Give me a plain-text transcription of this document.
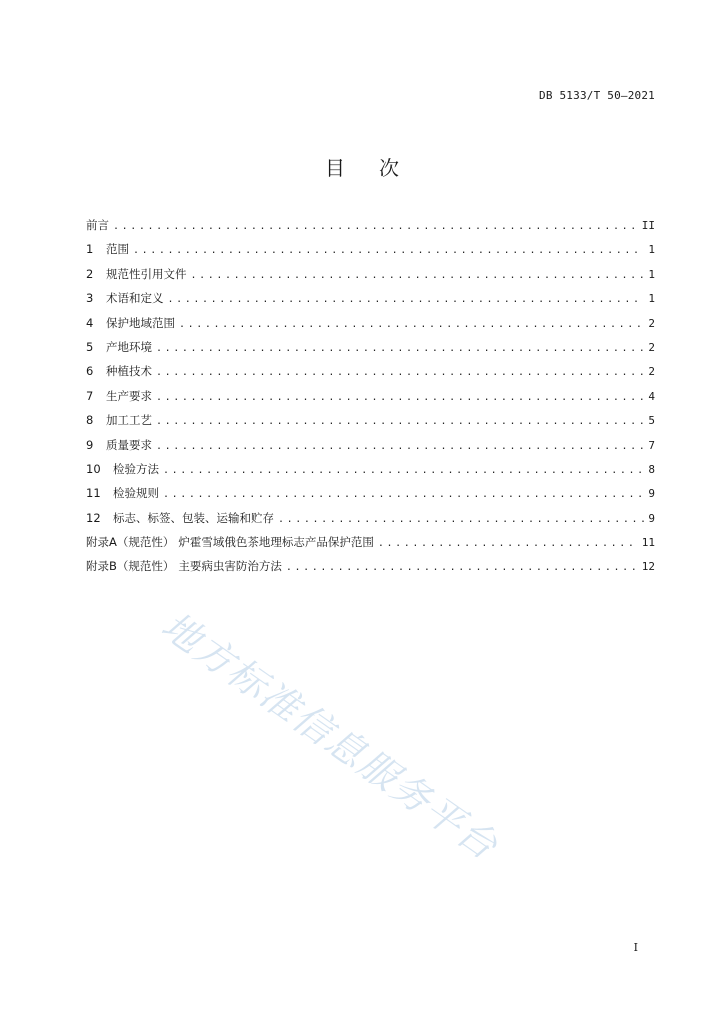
DB 5133/T 50—2021
目次
前言 .....	II
1	范围 .....	1
2	规范性引用文件 .....	1
3	术语和定义 .....	1
4	保护地域范围 .....	2
5	产地环境 .....	2
6	种植技术 .....	2
7	生产要求 .....	4
8	加工工艺 .....	5
9	质量要求 .....	7
10	检验方法 .....	8
11	检验规则 .....	9
12	标志、标签、包装、运输和贮存 .....	9
附录A（规范性） 炉霍雪域俄色茶地理标志产品保护范围 .....	11
附录B（规范性） 主要病虫害防治方法 .....	12
地方标准信息服务平台
I
